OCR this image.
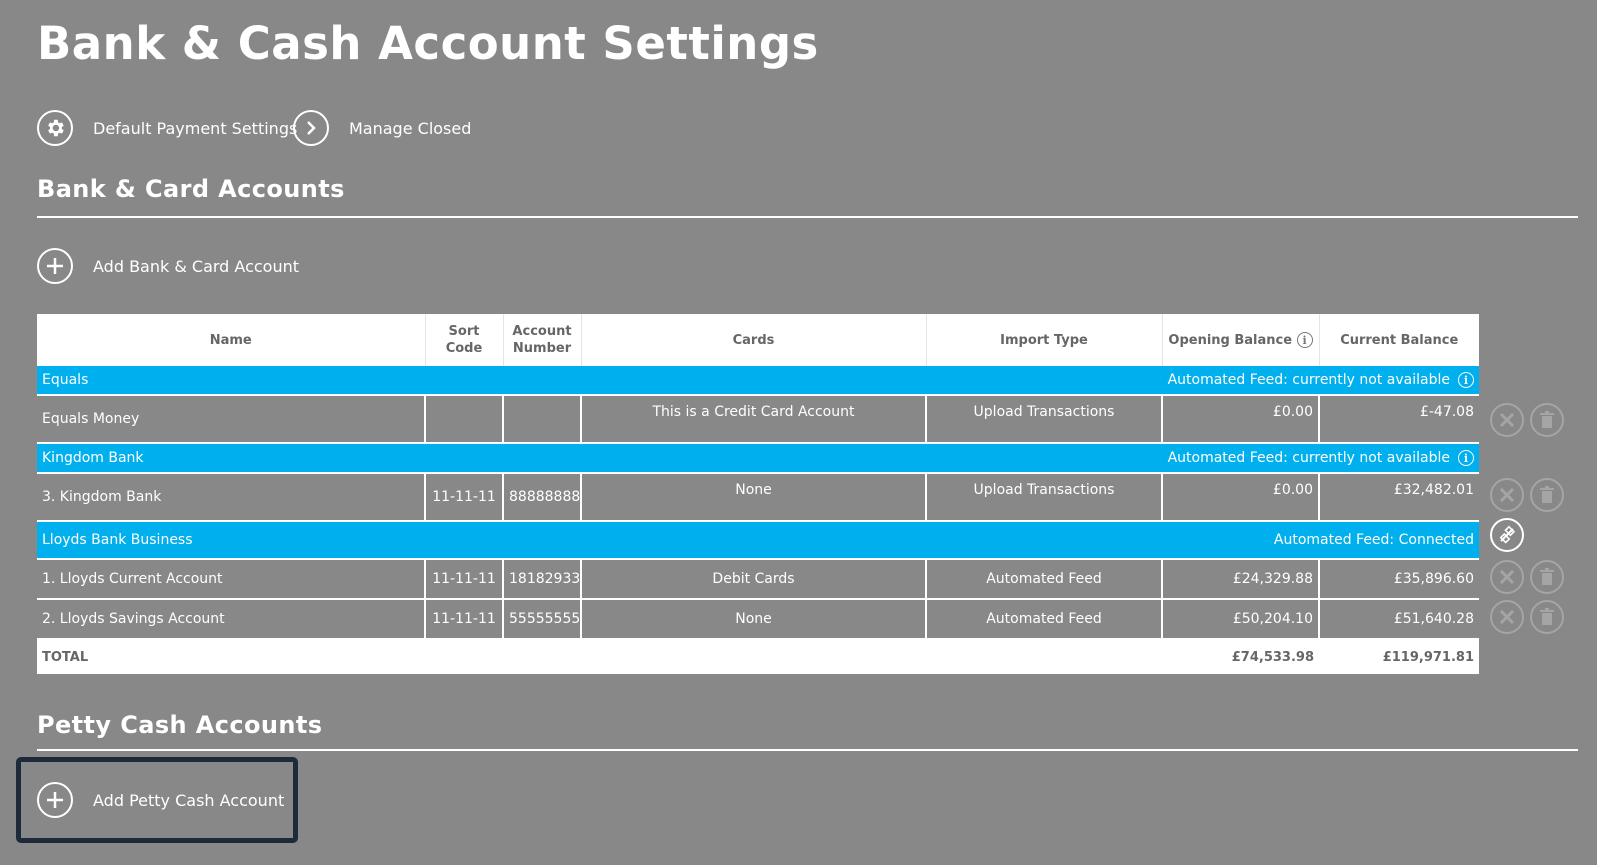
Bank & Cash Account Settings
Default Payment Settings	Manage Closed
Bank & Card Accounts
Add Bank & Card Account
Name	Sort Code	Account
Number	Cards	Import Type	Opening Balance i	Current Balance
Equals Automated Feed: currently not available i						

Equals Money			This is a Credit Card Account	Upload Transactions	£0.00	£-47.08
Kingdom Bank Automated Feed: currently not available i						

3. Kingdom Bank	11-11-11	88888888	None	Upload Transactions	£0.00	£32,482.01
Lloyds Bank Business Automated Feed: Connected						

1. Lloyds Current Account	11-11-11	18182933	Debit Cards	Automated Feed	£24,329.88	£35,896.60
2. Lloyds Savings Account	11-11-11	55555555	None	Automated Feed	£50,204.10	£51,640.28
TOTAL					£74,533.98	£119,971.81
Petty Cash Accounts
Add Petty Cash Account
